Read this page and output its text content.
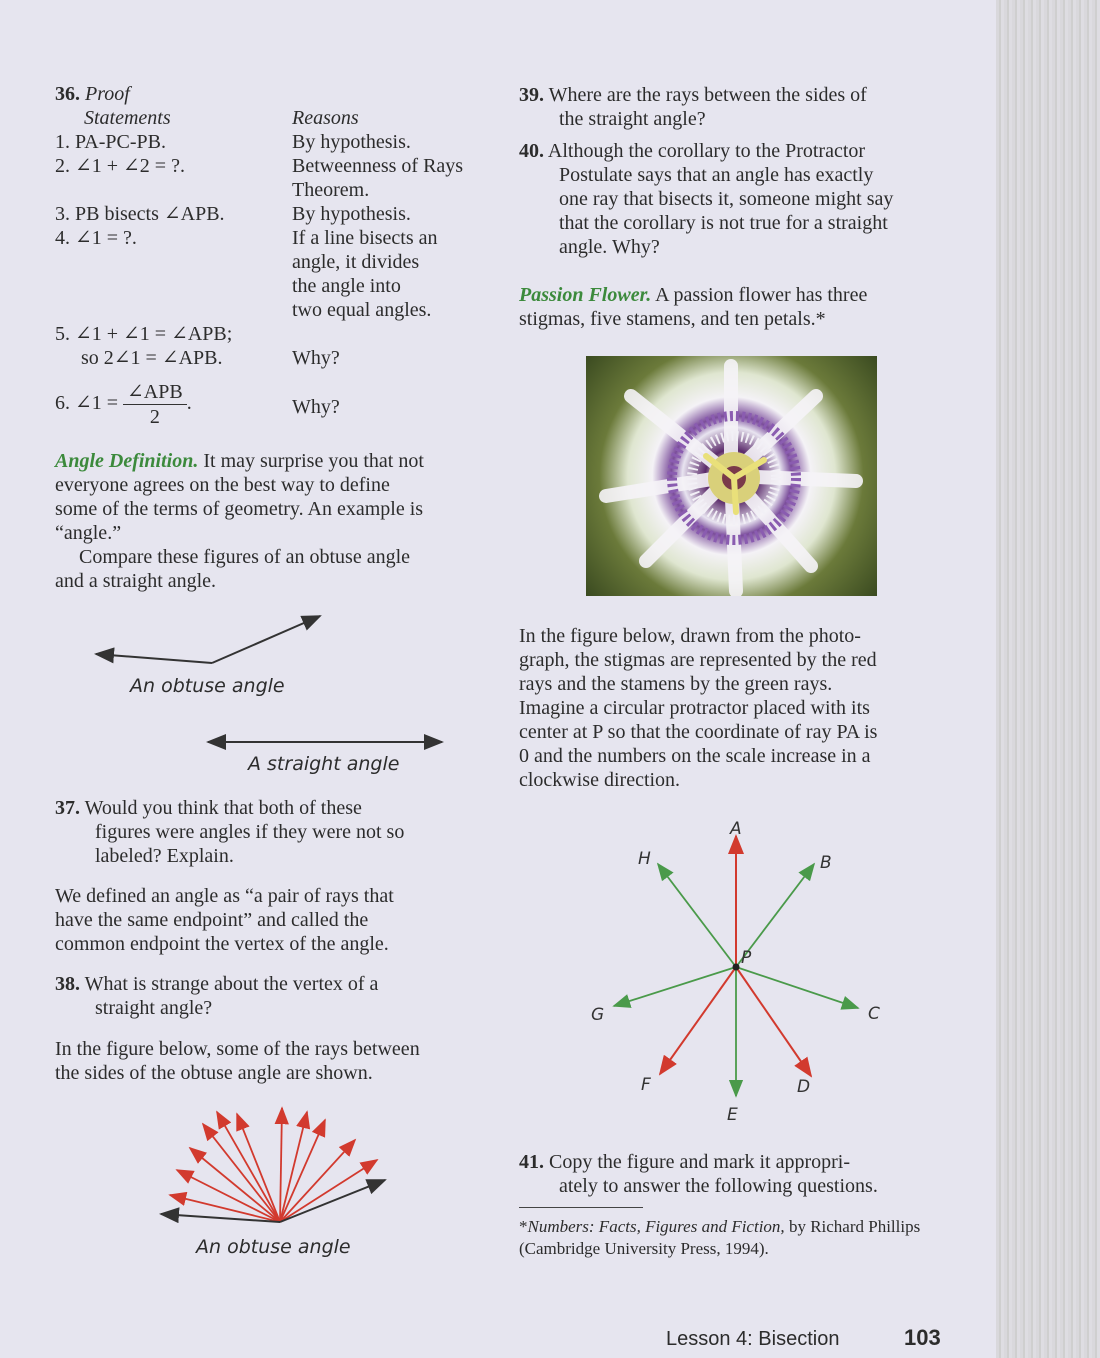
36. Proof
Statements	Reasons
1. PA-PC-PB.	By hypothesis.
2. ∠1 + ∠2 = ?.	Betweenness of Rays
Theorem.
3. PB bisects ∠APB.	By hypothesis.
4. ∠1 = ?.	If a line bisects an
angle, it divides
the angle into
two equal angles.
5. ∠1 + ∠1 = ∠APB;
so 2∠1 = ∠APB.	Why?
6. ∠1 = $\frac{\text{∠APB}}{2}$ .	Why?
Angle Definition. It may surprise you that not
everyone agrees on the best way to define
some of the terms of geometry. An example is
“angle.”
Compare these figures of an obtuse angle
and a straight angle.
An obtuse angle
A straight angle
37. Would you think that both of these
figures were angles if they were not so
labeled? Explain.
We defined an angle as “a pair of rays that
have the same endpoint” and called the
common endpoint the vertex of the angle.
38. What is strange about the vertex of a
straight angle?
In the figure below, some of the rays between
the sides of the obtuse angle are shown.
An obtuse angle
39. Where are the rays between the sides of
the straight angle?
40. Although the corollary to the Protractor
Postulate says that an angle has exactly
one ray that bisects it, someone might say
that the corollary is not true for a straight
angle. Why?
Passion Flower. A passion flower has three
stigmas, five stamens, and ten petals.*
In the figure below, drawn from the photo-
graph, the stigmas are represented by the red
rays and the stamens by the green rays.
Imagine a circular protractor placed with its
center at P so that the coordinate of ray PA is
0 and the numbers on the scale increase in a
clockwise direction.
A
B
C
D
E
F
G
H
P
41. Copy the figure and mark it appropri-
ately to answer the following questions.
*Numbers: Facts, Figures and Fiction, by Richard Phillips
(Cambridge University Press, 1994).
Lesson 4: Bisection	103
